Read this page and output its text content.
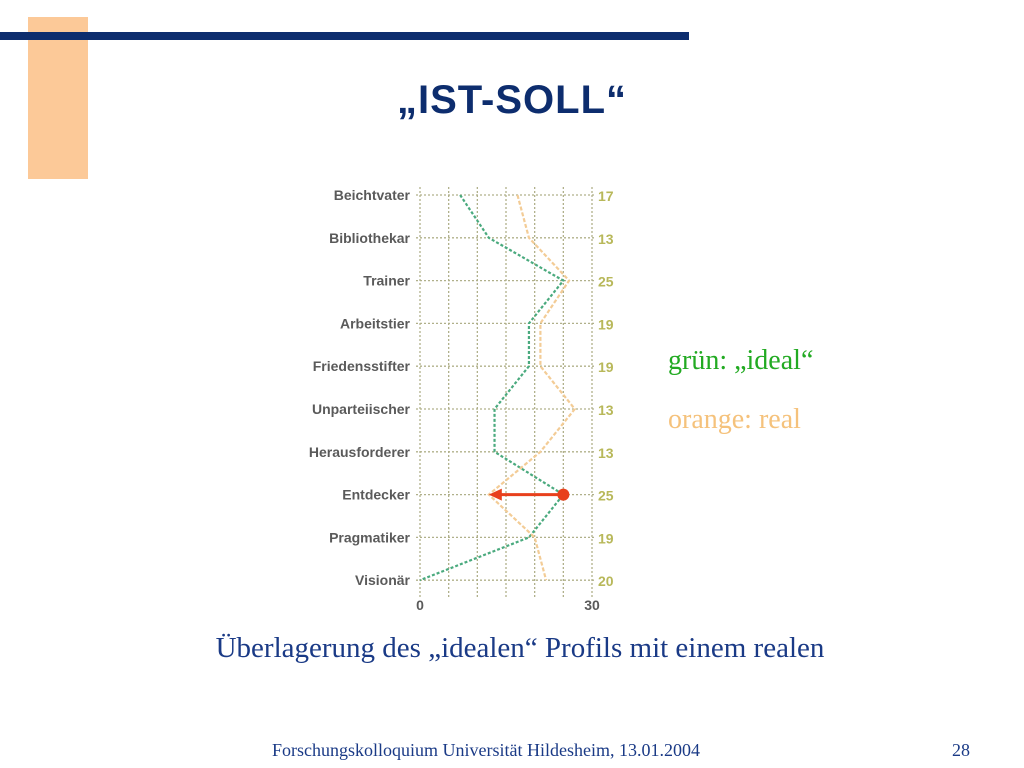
„IST-SOLL“
Beichtvater
Bibliothekar
Trainer
Arbeitstier
Friedensstifter
Unparteiischer
Herausforderer
Entdecker
Pragmatiker
Visionär
17
13
25
19
19
13
13
25
19
20
0	30
grün: „ideal“
orange: real
Überlagerung des „idealen“ Profils mit einem realen
Forschungskolloquium Universität Hildesheim, 13.01.2004	28
